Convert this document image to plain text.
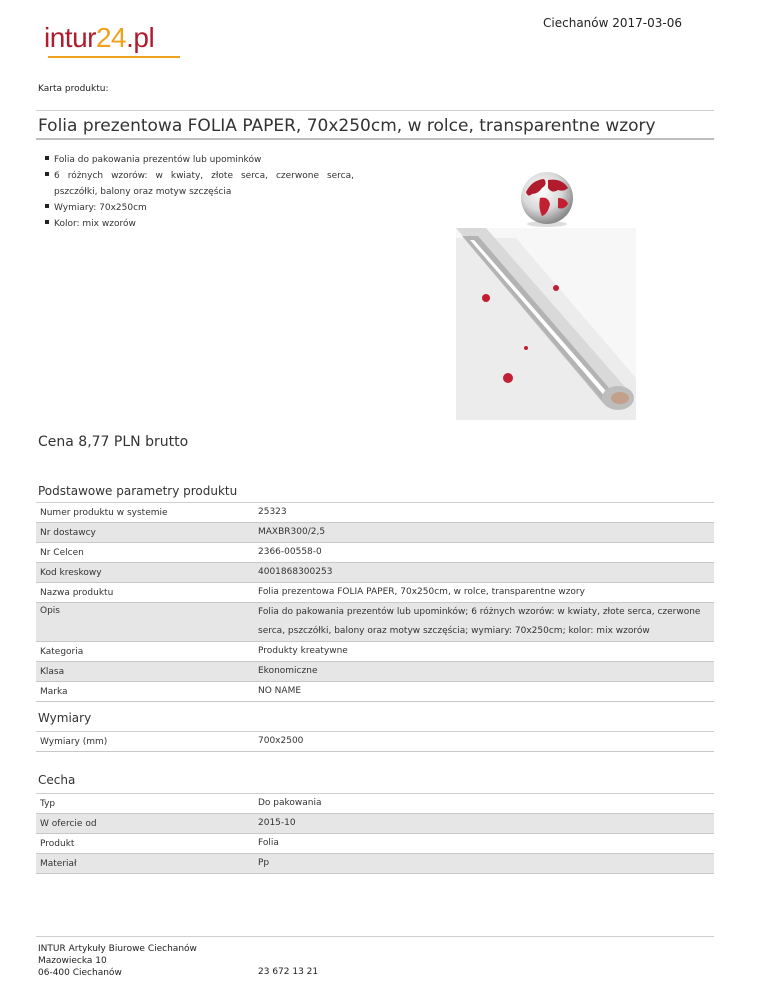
intur24.pl	Ciechanów 2017-03-06
Karta produktu:
Folia prezentowa FOLIA PAPER, 70x250cm, w rolce, transparentne wzory
Folia do pakowania prezentów lub upominków
6 różnych wzorów: w kwiaty, złote serca, czerwone serca, pszczółki, balony oraz motyw szczęścia
Wymiary: 70x250cm
Kolor: mix wzorów
Cena 8,77 PLN brutto
Podstawowe parametry produktu
Numer produktu w systemie	25323
Nr dostawcy	MAXBR300/2,5
Nr Celcen	2366-00558-0
Kod kreskowy	4001868300253
Nazwa produktu	Folia prezentowa FOLIA PAPER, 70x250cm, w rolce, transparentne wzory
Opis	Folia do pakowania prezentów lub upominków; 6 różnych wzorów: w kwiaty, złote serca, czerwone serca, pszczółki, balony oraz motyw szczęścia; wymiary: 70x250cm; kolor: mix wzorów
Kategoria	Produkty kreatywne
Klasa	Ekonomiczne
Marka	NO NAME
Wymiary
Wymiary (mm)	700x2500
Cecha
Typ	Do pakowania
W ofercie od	2015-10
Produkt	Folia
Materiał	Pp
INTUR Artykuły Biurowe Ciechanów
Mazowiecka 10
06-400 Ciechanów	23 672 13 21
